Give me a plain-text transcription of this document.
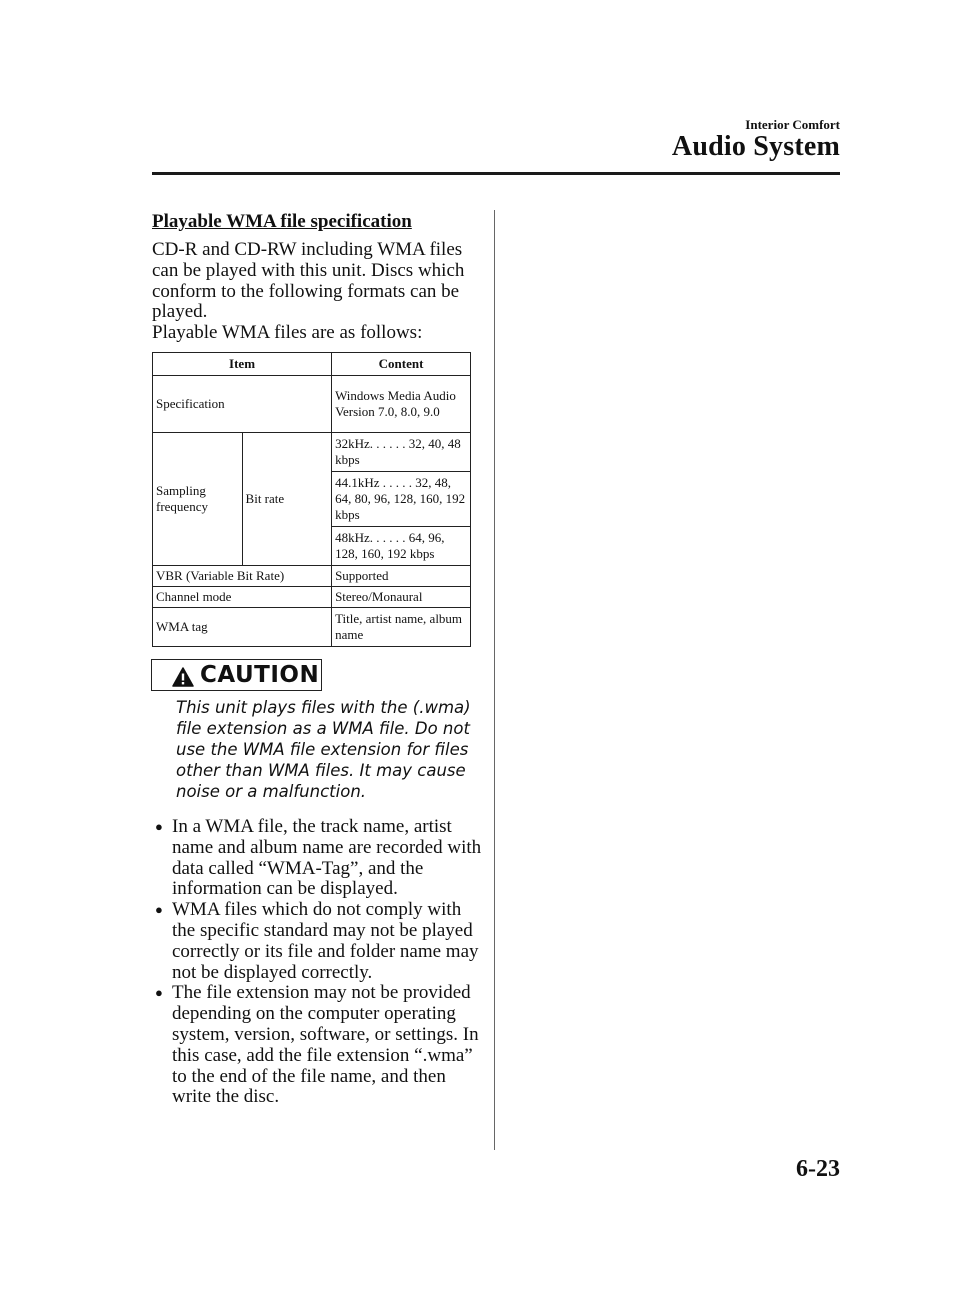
Interior Comfort
Audio System
Playable WMA file specification

CD-R and CD-RW including WMA files can be played with this unit. Discs which conform to the following formats can be played.

Playable WMA files are as follows:

Item		Content
Specification		Windows Media Audio Version 7.0, 8.0, 9.0
Sampling frequency	Bit rate	32kHz. . . . . . 32, 40, 48 kbps
		44.1kHz . . . . . 32, 48, 64, 80, 96, 128, 160, 192 kbps
		48kHz. . . . . . 64, 96, 128, 160, 192 kbps
VBR (Variable Bit Rate)		Supported
Channel mode		Stereo/Monaural
WMA tag		Title, artist name, album name
CAUTION

This unit plays files with the (.wma) file extension as a WMA file. Do not use the WMA file extension for files other than WMA files. It may cause noise or a malfunction.

● In a WMA file, the track name, artist name and album name are recorded with data called “WMA-Tag”, and the information can be displayed.
● WMA files which do not comply with the specific standard may not be played correctly or its file and folder name may not be displayed correctly.
● The file extension may not be provided depending on the computer operating system, version, software, or settings. In this case, add the file extension “.wma” to the end of the file name, and then write the disc.
6-23
